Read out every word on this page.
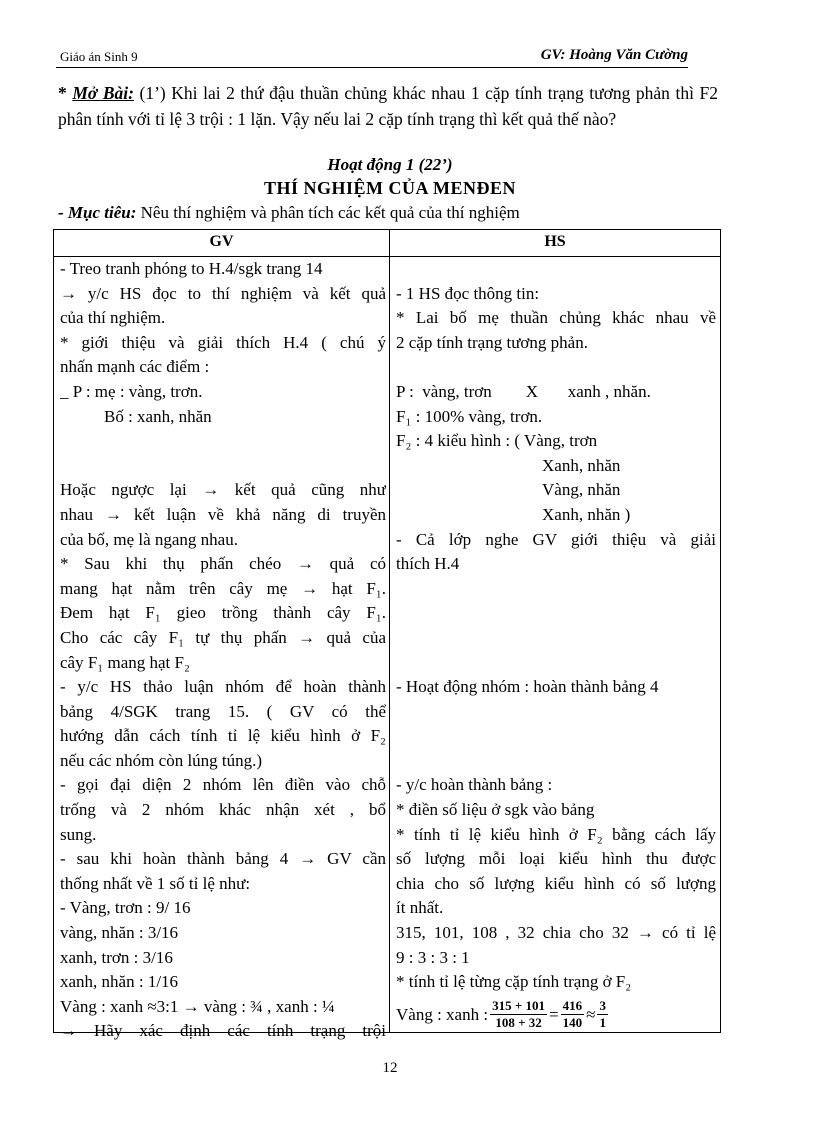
Giáo án Sinh 9	GV: Hoàng Văn Cường
* Mở Bài: (1’) Khi lai 2 thứ đậu thuần chủng khác nhau 1 cặp tính trạng tương phản thì F2 phân tính với tỉ lệ 3 trội : 1 lặn. Vậy nếu lai 2 cặp tính trạng thì kết quả thế nào?
Hoạt động 1 (22’)
THÍ NGHIỆM CỦA MENĐEN
- Mục tiêu: Nêu thí nghiệm và phân tích các kết quả của thí nghiệm
GV	HS
- Treo tranh phóng to H.4/sgk trang 14
→ y/c HS đọc to thí nghiệm và kết quả
của thí nghiệm.
* giới thiệu và giải thích H.4 ( chú ý
nhấn mạnh các điểm :
_ P : mẹ : vàng, trơn.
Bố : xanh, nhăn
Hoặc ngược lại → kết quả cũng như
nhau → kết luận về khả năng di truyền
của bố, mẹ là ngang nhau.
* Sau khi thụ phấn chéo → quả có
mang hạt nằm trên cây mẹ → hạt F₁.
Đem hạt F₁ gieo trồng thành cây F₁.
Cho các cây F₁ tự thụ phấn → quả của
cây F₁ mang hạt F₂
- y/c HS thảo luận nhóm để hoàn thành
bảng 4/SGK trang 15. ( GV có thể
hướng dẫn cách tính tỉ lệ kiểu hình ở F₂
nếu các nhóm còn lúng túng.)
- gọi đại diện 2 nhóm lên điền vào chỗ
trống và 2 nhóm khác nhận xét , bổ
sung.
- sau khi hoàn thành bảng 4 → GV cần
thống nhất về 1 số tỉ lệ như:
- Vàng, trơn : 9/ 16
vàng, nhăn : 3/16
xanh, trơn : 3/16
xanh, nhăn : 1/16
Vàng : xanh ≈3:1 → vàng : ¾ , xanh : ¼
→ Hãy xác định các tính trạng trội
- 1 HS đọc thông tin:
* Lai bố mẹ thuần chủng khác nhau về
2 cặp tính trạng tương phản.
P :  vàng, trơn        X       xanh , nhăn.
F₁ : 100% vàng, trơn.
F₂ : 4 kiểu hình : ( Vàng, trơn
Xanh, nhăn
Vàng, nhăn
Xanh, nhăn )
- Cả lớp nghe GV giới thiệu và giải
thích H.4
- Hoạt động nhóm : hoàn thành bảng 4
- y/c hoàn thành bảng :
* điền số liệu ở sgk vào bảng
* tính tỉ lệ kiểu hình ở F₂ bằng cách lấy
số lượng mỗi loại kiểu hình thu được
chia cho số lượng kiểu hình có số lượng
ít nhất.
315, 101, 108 , 32 chia cho 32 → có tỉ lệ
9 : 3 : 3 : 1
* tính tỉ lệ từng cặp tính trạng ở F₂
Vàng : xanh : $\frac{315 + 101}{108 + 32} = \frac{416}{140} \approx \frac{3}{1}$
12
